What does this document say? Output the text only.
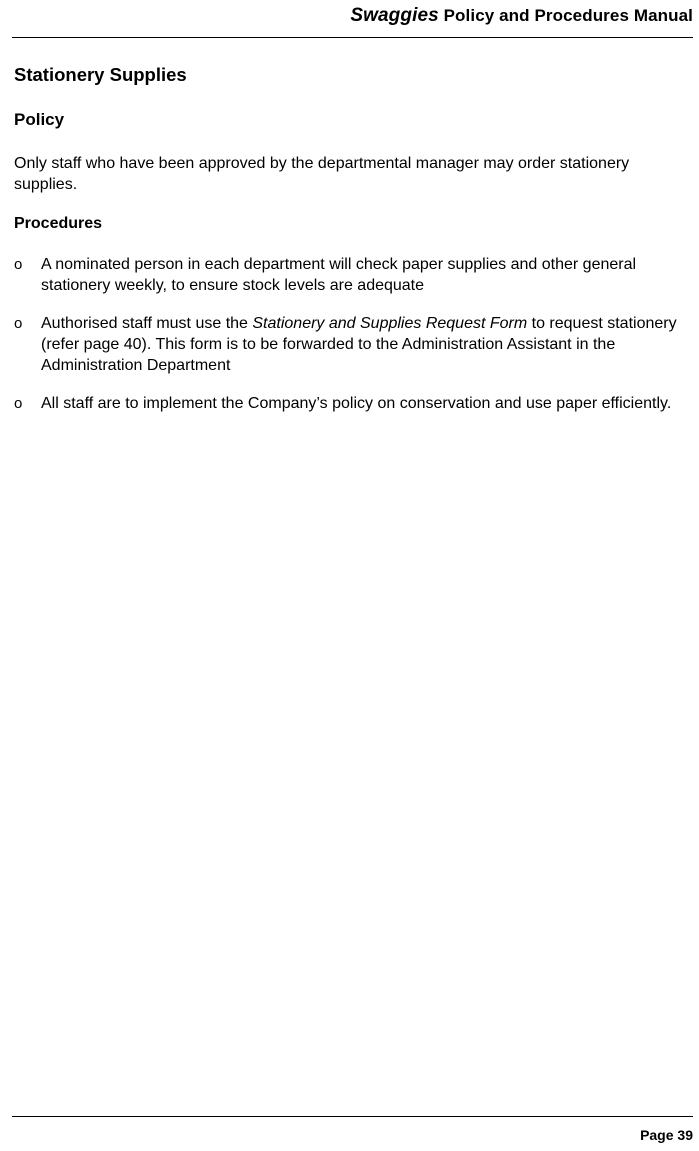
Swaggies Policy and Procedures Manual
Stationery Supplies
Policy

Only staff who have been approved by the departmental manager may order stationery supplies.

Procedures
o A nominated person in each department will check paper supplies and other general stationery weekly, to ensure stock levels are adequate
o Authorised staff must use the Stationery and Supplies Request Form to request stationery (refer page 40). This form is to be forwarded to the Administration Assistant in the Administration Department
o All staff are to implement the Company’s policy on conservation and use paper efficiently.
Page 39
